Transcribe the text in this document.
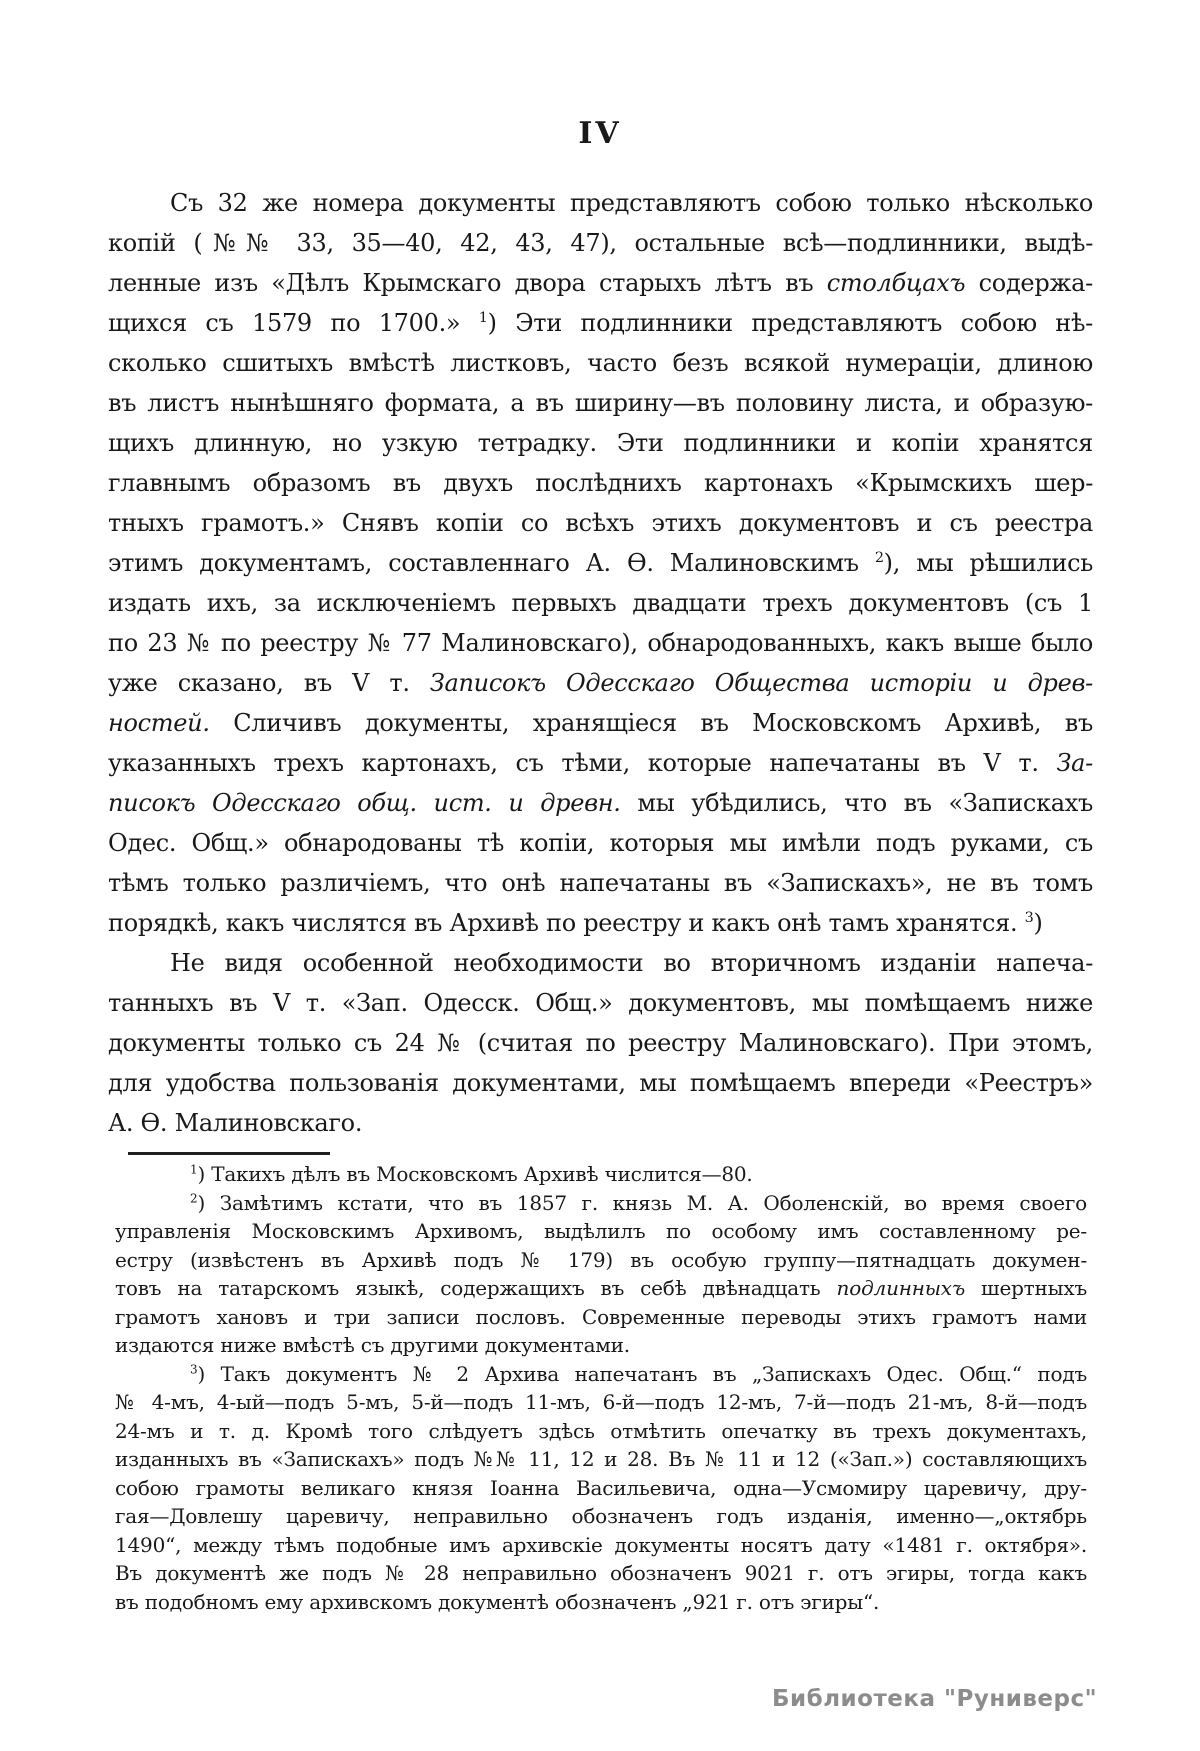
IV
Съ 32 же номера документы представляютъ собою только нѣсколько
копій (№№ 33, 35—40, 42, 43, 47), остальные всѣ—подлинники, выдѣ-
ленные изъ «Дѣлъ Крымскаго двора старыхъ лѣтъ въ столбцахъ содержа-
щихся съ 1579 по 1700.» $^1$) Эти подлинники представляютъ собою нѣ-
сколько сшитыхъ вмѣстѣ листковъ, часто безъ всякой нумераціи, длиною
въ листъ нынѣшняго формата, а въ ширину—въ половину листа, и образую-
щихъ длинную, но узкую тетрадку. Эти подлинники и копіи хранятся
главнымъ образомъ въ двухъ послѣднихъ картонахъ «Крымскихъ шер-
тныхъ грамотъ.» Снявъ копіи со всѣхъ этихъ документовъ и съ реестра
этимъ документамъ, составленнаго А. Ѳ. Малиновскимъ $^2$), мы рѣшились
издать ихъ, за исключеніемъ первыхъ двадцати трехъ документовъ (съ 1
по 23 № по реестру № 77 Малиновскаго), обнародованныхъ, какъ выше было
уже сказано, въ V т. Записокъ Одесскаго Общества исторіи и древ-
ностей. Сличивъ документы, хранящіеся въ Московскомъ Архивѣ, въ
указанныхъ трехъ картонахъ, съ тѣми, которые напечатаны въ V т. За-
писокъ Одесскаго общ. ист. и древн. мы убѣдились, что въ «Запискахъ
Одес. Общ.» обнародованы тѣ копіи, которыя мы имѣли подъ руками, съ
тѣмъ только различіемъ, что онѣ напечатаны въ «Запискахъ», не въ томъ
порядкѣ, какъ числятся въ Архивѣ по реестру и какъ онѣ тамъ хранятся. $^3$)
Не видя особенной необходимости во вторичномъ изданіи напеча-
танныхъ въ V т. «Зап. Одесск. Общ.» документовъ, мы помѣщаемъ ниже
документы только съ 24 № (считая по реестру Малиновскаго). При этомъ,
для удобства пользованія документами, мы помѣщаемъ впереди «Реестръ»
А. Ѳ. Малиновскаго.
$^1$) Такихъ дѣлъ въ Московскомъ Архивѣ числится—80.
$^2$) Замѣтимъ кстати, что въ 1857 г. князь М. А. Оболенскій, во время своего
управленія Московскимъ Архивомъ, выдѣлилъ по особому имъ составленному ре-
естру (извѣстенъ въ Архивѣ подъ № 179) въ особую группу—пятнадцать докумен-
товъ на татарскомъ языкѣ, содержащихъ въ себѣ двѣнадцать подлинныхъ шертныхъ
грамотъ хановъ и три записи пословъ. Современные переводы этихъ грамотъ нами
издаются ниже вмѣстѣ съ другими документами.
$^3$) Такъ документъ № 2 Архива напечатанъ въ „Запискахъ Одес. Общ.“ подъ
№ 4-мъ, 4-ый—подъ 5-мъ, 5-й—подъ 11-мъ, 6-й—подъ 12-мъ, 7-й—подъ 21-мъ, 8-й—подъ
24-мъ и т. д. Кромѣ того слѣдуетъ здѣсь отмѣтить опечатку въ трехъ документахъ,
изданныхъ въ «Запискахъ» подъ №№ 11, 12 и 28. Въ № 11 и 12 («Зап.») составляющихъ
собою грамоты великаго князя Іоанна Васильевича, одна—Усмомиру царевичу, дру-
гая—Довлешу царевичу, неправильно обозначенъ годъ изданія, именно—„октябрь
1490“, между тѣмъ подобные имъ архивскіе документы носятъ дату «1481 г. октября».
Въ документѣ же подъ № 28 неправильно обозначенъ 9021 г. отъ эгиры, тогда какъ
въ подобномъ ему архивскомъ документѣ обозначенъ „921 г. отъ эгиры“.
Библиотека "Руниверс"
